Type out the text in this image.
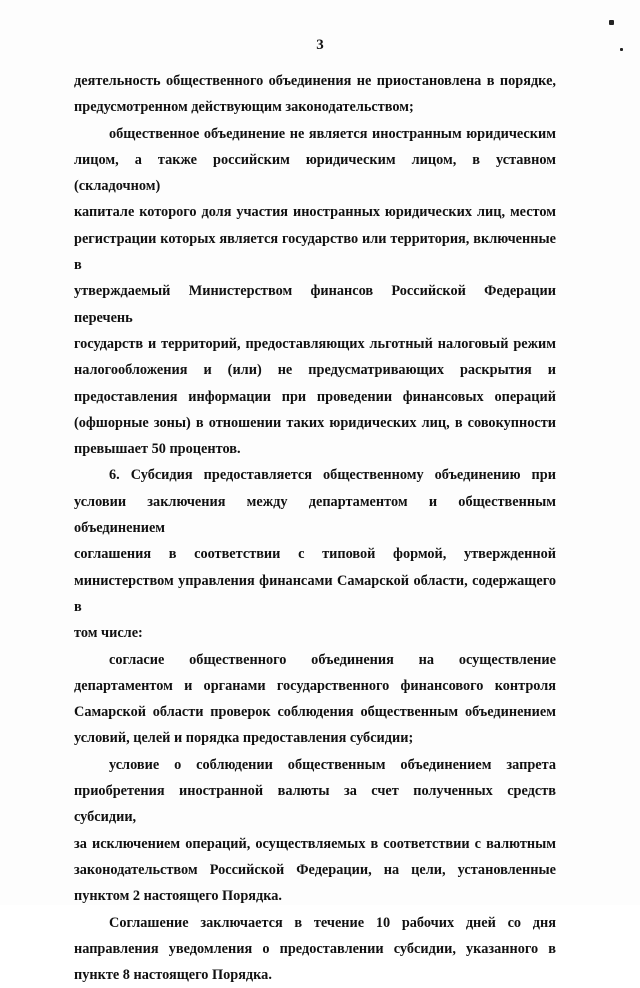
3

деятельность общественного объединения не приостановлена в порядке,
предусмотренном действующим законодательством;

общественное объединение не является иностранным юридическим
лицом, а также российским юридическим лицом, в уставном (складочном)
капитале которого доля участия иностранных юридических лиц, местом
регистрации которых является государство или территория, включенные в
утверждаемый Министерством финансов Российской Федерации перечень
государств и территорий, предоставляющих льготный налоговый режим
налогообложения и (или) не предусматривающих раскрытия и
предоставления информации при проведении финансовых операций
(офшорные зоны) в отношении таких юридических лиц, в совокупности
превышает 50 процентов.

6. Субсидия предоставляется общественному объединению при
условии заключения между департаментом и общественным объединением
соглашения в соответствии с типовой формой, утвержденной
министерством управления финансами Самарской области, содержащего в
том числе:

согласие общественного объединения на осуществление
департаментом и органами государственного финансового контроля
Самарской области проверок соблюдения общественным объединением
условий, целей и порядка предоставления субсидии;

условие о соблюдении общественным объединением запрета
приобретения иностранной валюты за счет полученных средств субсидии,
за исключением операций, осуществляемых в соответствии с валютным
законодательством Российской Федерации, на цели, установленные
пунктом 2 настоящего Порядка.

Соглашение заключается в течение 10 рабочих дней со дня
направления уведомления о предоставлении субсидии, указанного в
пункте 8 настоящего Порядка.
